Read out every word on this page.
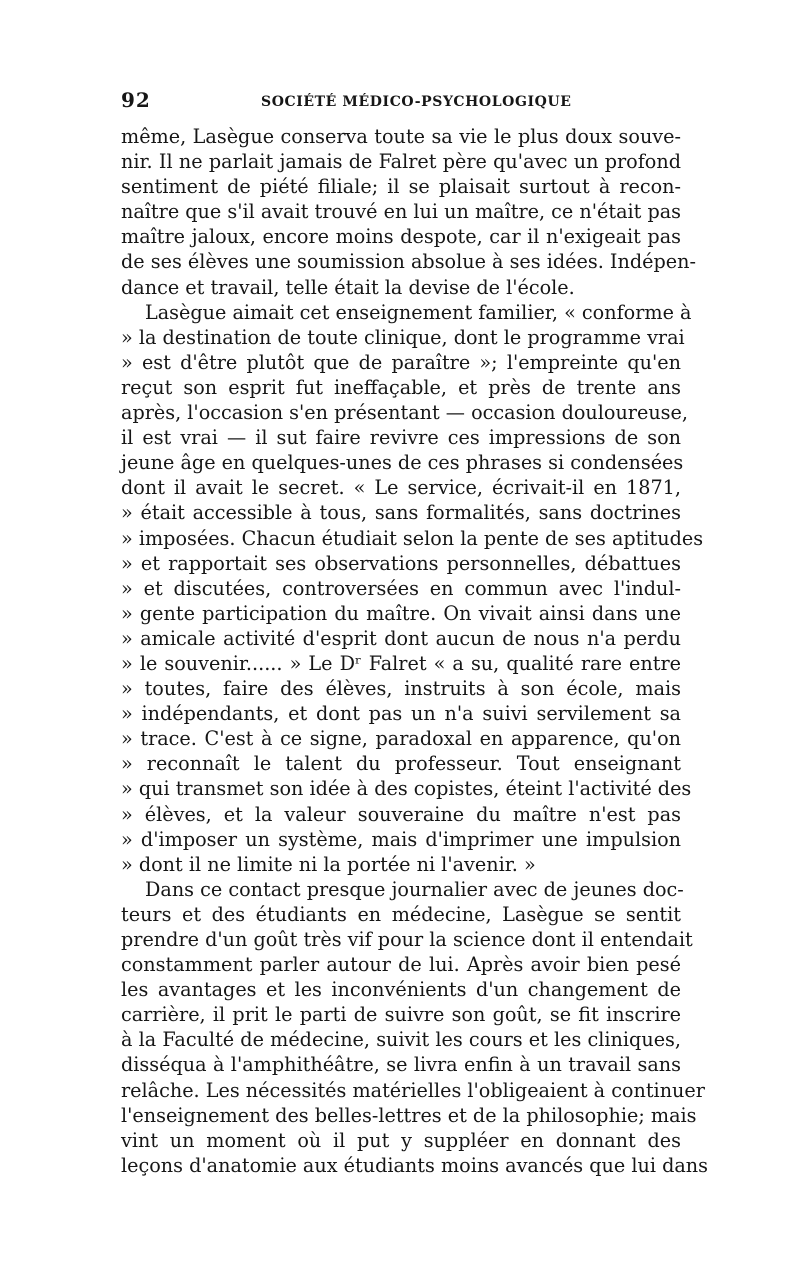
92	SOCIÉTÉ MÉDICO-PSYCHOLOGIQUE
même, Lasègue conserva toute sa vie le plus doux souve-
nir. Il ne parlait jamais de Falret père qu'avec un profond
sentiment de piété filiale; il se plaisait surtout à recon-
naître que s'il avait trouvé en lui un maître, ce n'était pas
maître jaloux, encore moins despote, car il n'exigeait pas
de ses élèves une soumission absolue à ses idées. Indépen-
dance et travail, telle était la devise de l'école.
Lasègue aimait cet enseignement familier, « conforme à
» la destination de toute clinique, dont le programme vrai
» est d'être plutôt que de paraître »; l'empreinte qu'en
reçut son esprit fut ineffaçable, et près de trente ans
après, l'occasion s'en présentant — occasion douloureuse,
il est vrai — il sut faire revivre ces impressions de son
jeune âge en quelques-unes de ces phrases si condensées
dont il avait le secret. « Le service, écrivait-il en 1871,
» était accessible à tous, sans formalités, sans doctrines
» imposées. Chacun étudiait selon la pente de ses aptitudes
» et rapportait ses observations personnelles, débattues
» et discutées, controversées en commun avec l'indul-
» gente participation du maître. On vivait ainsi dans une
» amicale activité d'esprit dont aucun de nous n'a perdu
» le souvenir...... » Le Dʳ Falret « a su, qualité rare entre
» toutes, faire des élèves, instruits à son école, mais
» indépendants, et dont pas un n'a suivi servilement sa
» trace. C'est à ce signe, paradoxal en apparence, qu'on
» reconnaît le talent du professeur. Tout enseignant
» qui transmet son idée à des copistes, éteint l'activité des
» élèves, et la valeur souveraine du maître n'est pas
» d'imposer un système, mais d'imprimer une impulsion
» dont il ne limite ni la portée ni l'avenir. »
Dans ce contact presque journalier avec de jeunes doc-
teurs et des étudiants en médecine, Lasègue se sentit
prendre d'un goût très vif pour la science dont il entendait
constamment parler autour de lui. Après avoir bien pesé
les avantages et les inconvénients d'un changement de
carrière, il prit le parti de suivre son goût, se fit inscrire
à la Faculté de médecine, suivit les cours et les cliniques,
disséqua à l'amphithéâtre, se livra enfin à un travail sans
relâche. Les nécessités matérielles l'obligeaient à continuer
l'enseignement des belles-lettres et de la philosophie; mais
vint un moment où il put y suppléer en donnant des
leçons d'anatomie aux étudiants moins avancés que lui dans
